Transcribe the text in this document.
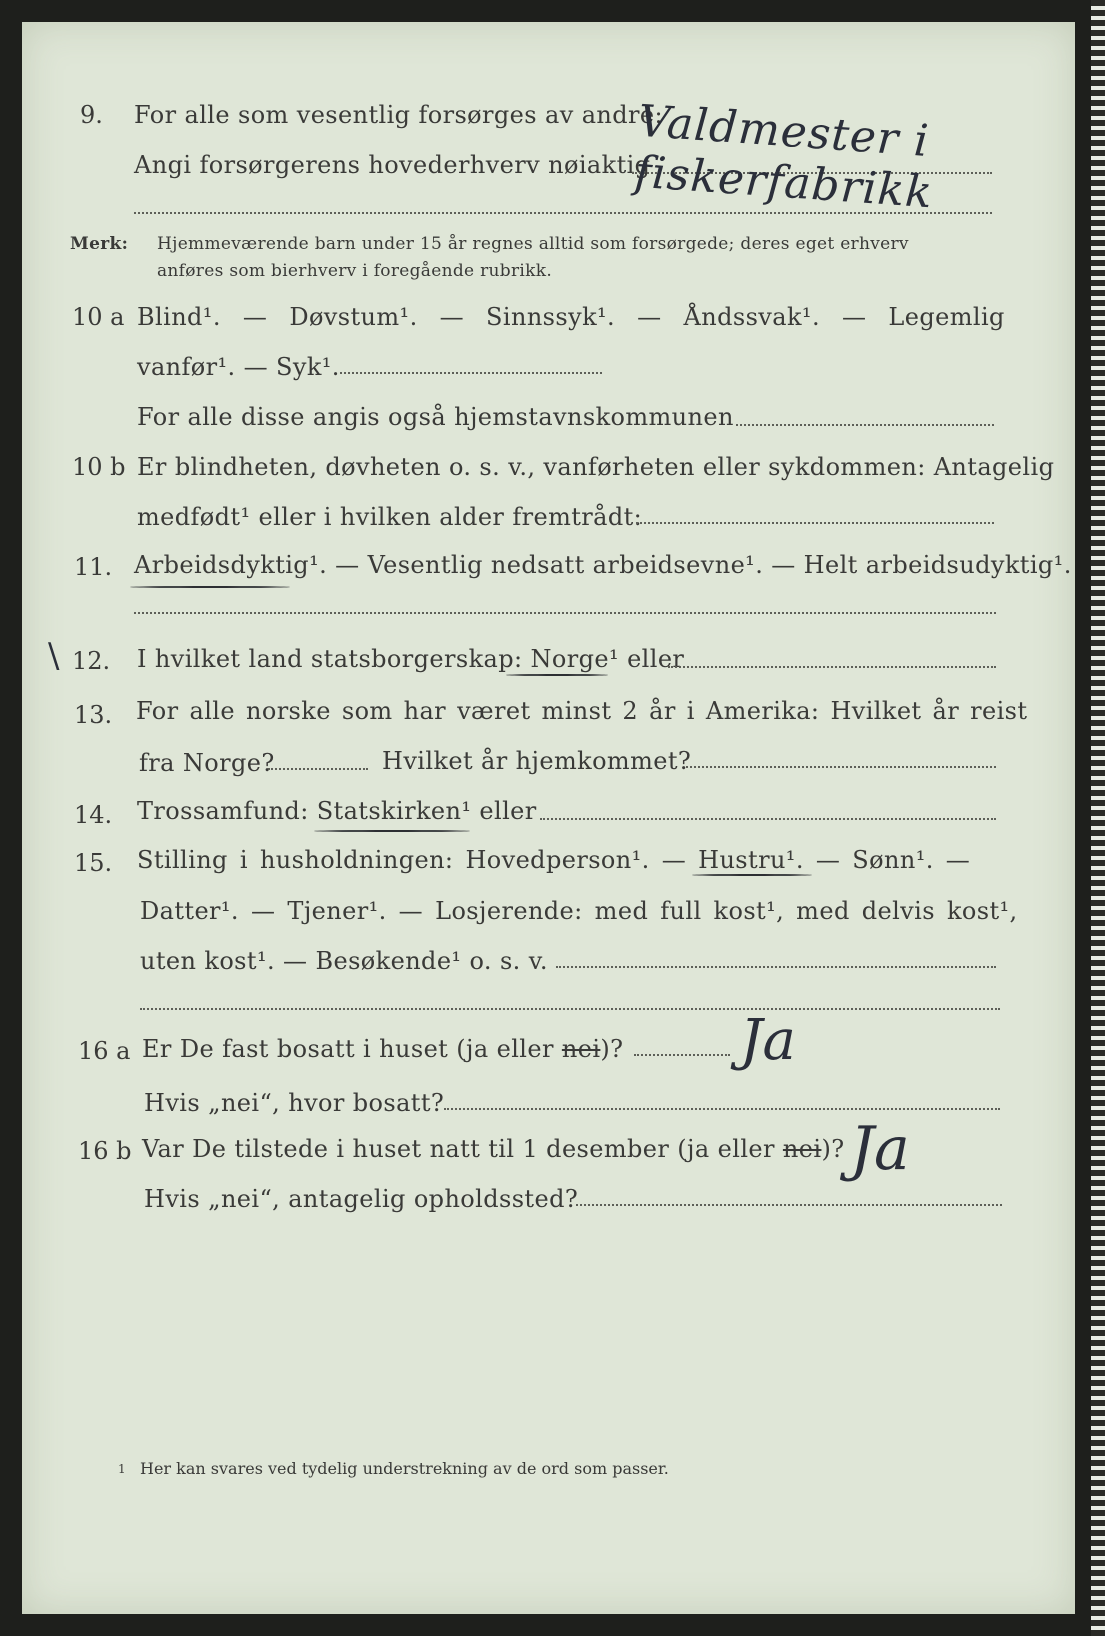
9. For alle som vesentlig forsørges av andre:
Angi forsørgerens hovederhverv nøiaktig
Valdmester i fiskerfabrikk
Merk: Hjemmeværende barn under 15 år regnes alltid som forsørgede; deres eget erhverv
anføres som bierhverv i foregående rubrikk.
10 a Blind¹. — Døvstum¹. — Sinnssyk¹. — Åndssvak¹. — Legemlig
vanfør¹. — Syk¹.
For alle disse angis også hjemstavnskommunen
10 b Er blindheten, døvheten o. s. v., vanførheten eller sykdommen: Antagelig
medfødt¹ eller i hvilken alder fremtrådt:
11. Arbeidsdyktig¹. — Vesentlig nedsatt arbeidsevne¹. — Helt arbeidsudyktig¹.
\ 12. I hvilket land statsborgerskap: Norge¹ eller
13. For alle norske som har været minst 2 år i Amerika: Hvilket år reist
fra Norge?	Hvilket år hjemkommet?
14. Trossamfund: Statskirken¹ eller
15. Stilling i husholdningen: Hovedperson¹. — Hustru¹. — Sønn¹. —
Datter¹. — Tjener¹. — Losjerende: med full kost¹, med delvis kost¹,
uten kost¹. — Besøkende¹ o. s. v.
16 a Er De fast bosatt i huset (ja eller nei)? Ja
Hvis „nei“, hvor bosatt?
16 b Var De tilstede i huset natt til 1 desember (ja eller nei)? Ja
Hvis „nei“, antagelig opholdssted?
1 Her kan svares ved tydelig understrekning av de ord som passer.
